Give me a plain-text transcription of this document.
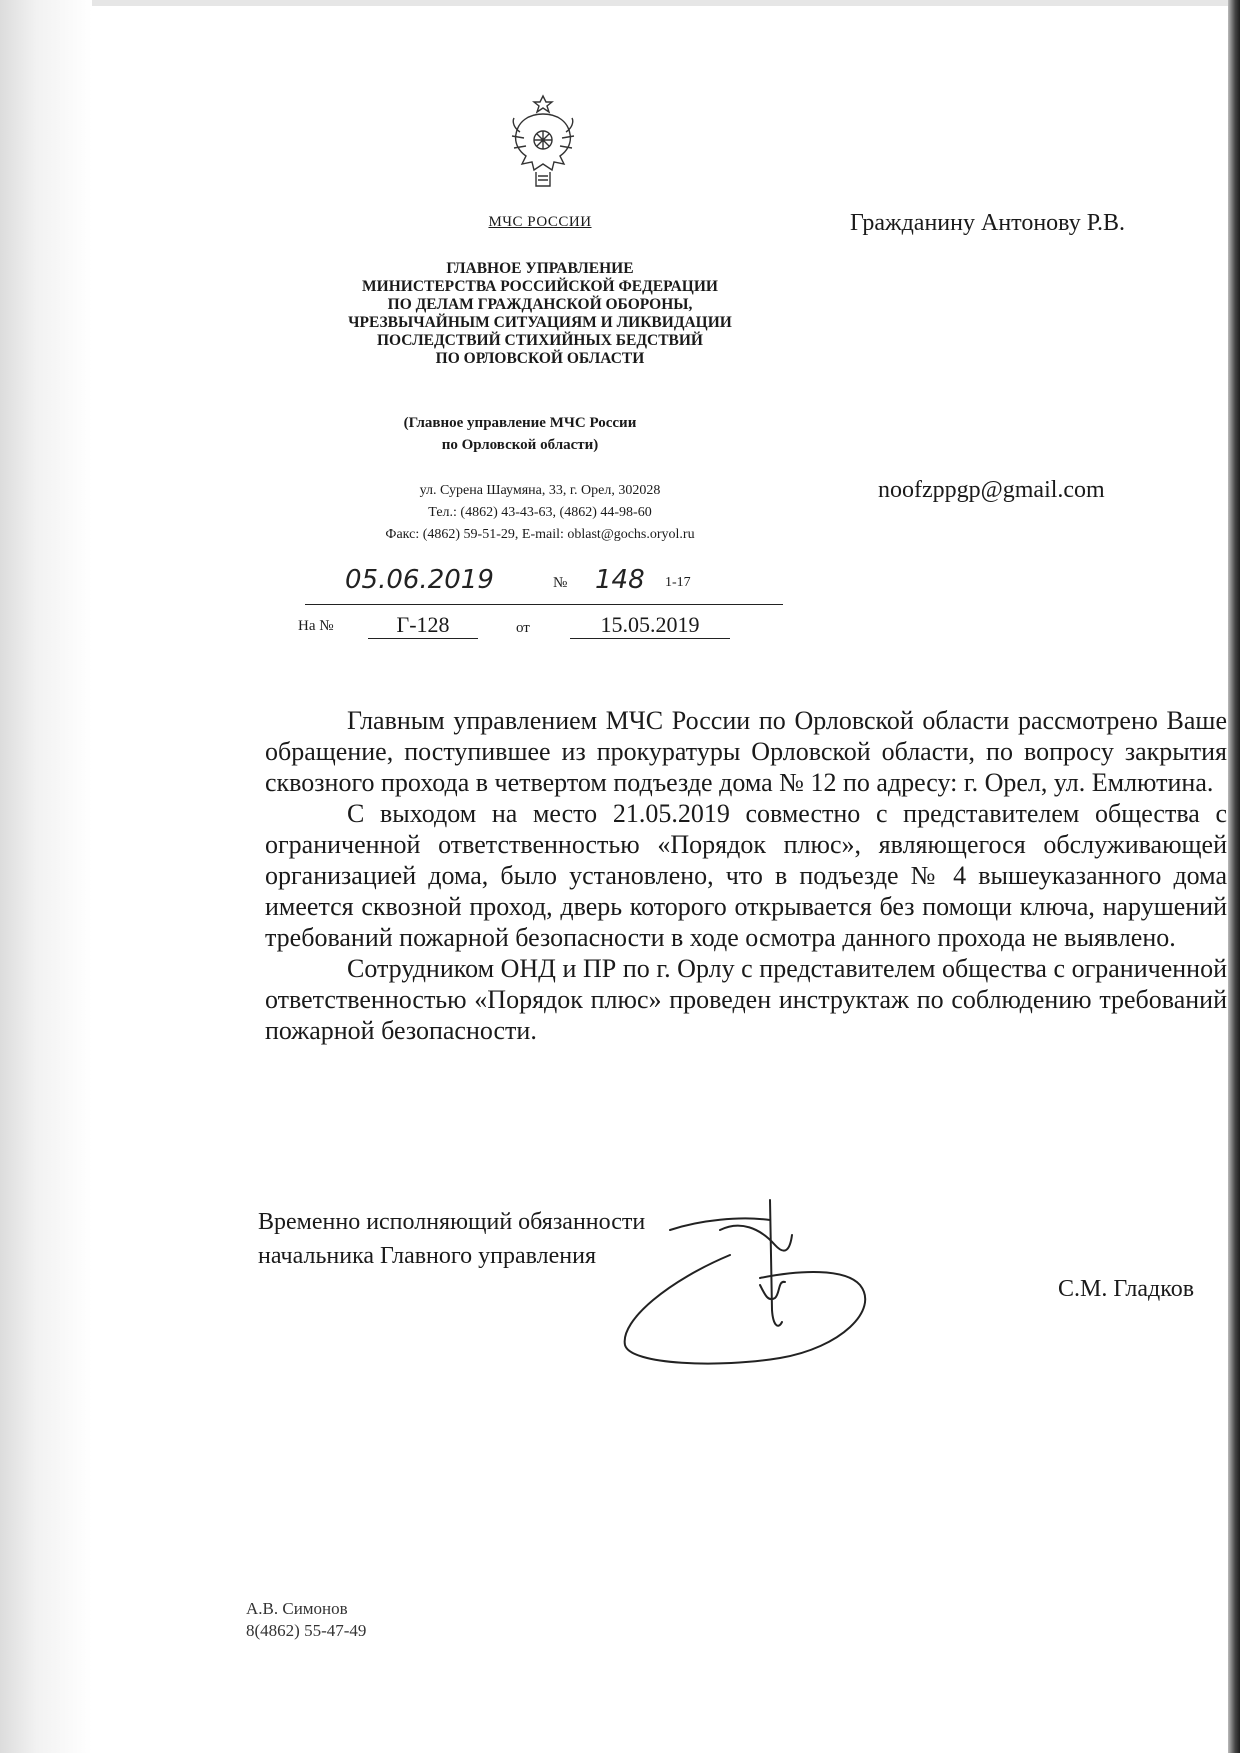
МЧС РОССИИ
ГЛАВНОЕ УПРАВЛЕНИЕ
МИНИСТЕРСТВА РОССИЙСКОЙ ФЕДЕРАЦИИ
ПО ДЕЛАМ ГРАЖДАНСКОЙ ОБОРОНЫ,
ЧРЕЗВЫЧАЙНЫМ СИТУАЦИЯМ И ЛИКВИДАЦИИ
ПОСЛЕДСТВИЙ СТИХИЙНЫХ БЕДСТВИЙ
ПО ОРЛОВСКОЙ ОБЛАСТИ
(Главное управление МЧС России
по Орловской области)
ул. Сурена Шаумяна, 33, г. Орел, 302028
Тел.: (4862) 43-43-63, (4862) 44-98-60
Факс: (4862) 59-51-29, E-mail: oblast@gochs.oryol.ru
Гражданину Антонову Р.В.
noofzppgp@gmail.com
05.06.2019	№ 148 1-17
На №	Г-128	от	15.05.2019

Главным управлением МЧС России по Орловской области рассмотрено Ваше обращение, поступившее из прокуратуры Орловской области, по вопросу закрытия сквозного прохода в четвертом подъезде дома № 12 по адресу: г. Орел, ул. Емлютина.

С выходом на место 21.05.2019 совместно с представителем общества с ограниченной ответственностью «Порядок плюс», являющегося обслуживающей организацией дома, было установлено, что в подъезде № 4 вышеуказанного дома имеется сквозной проход, дверь которого открывается без помощи ключа, нарушений требований пожарной безопасности в ходе осмотра данного прохода не выявлено.

Сотрудником ОНД и ПР по г. Орлу с представителем общества с ограниченной ответственностью «Порядок плюс» проведен инструктаж по соблюдению требований пожарной безопасности.

Временно исполняющий обязанности
начальника Главного управления
С.М. Гладков
А.В. Симонов
8(4862) 55-47-49
